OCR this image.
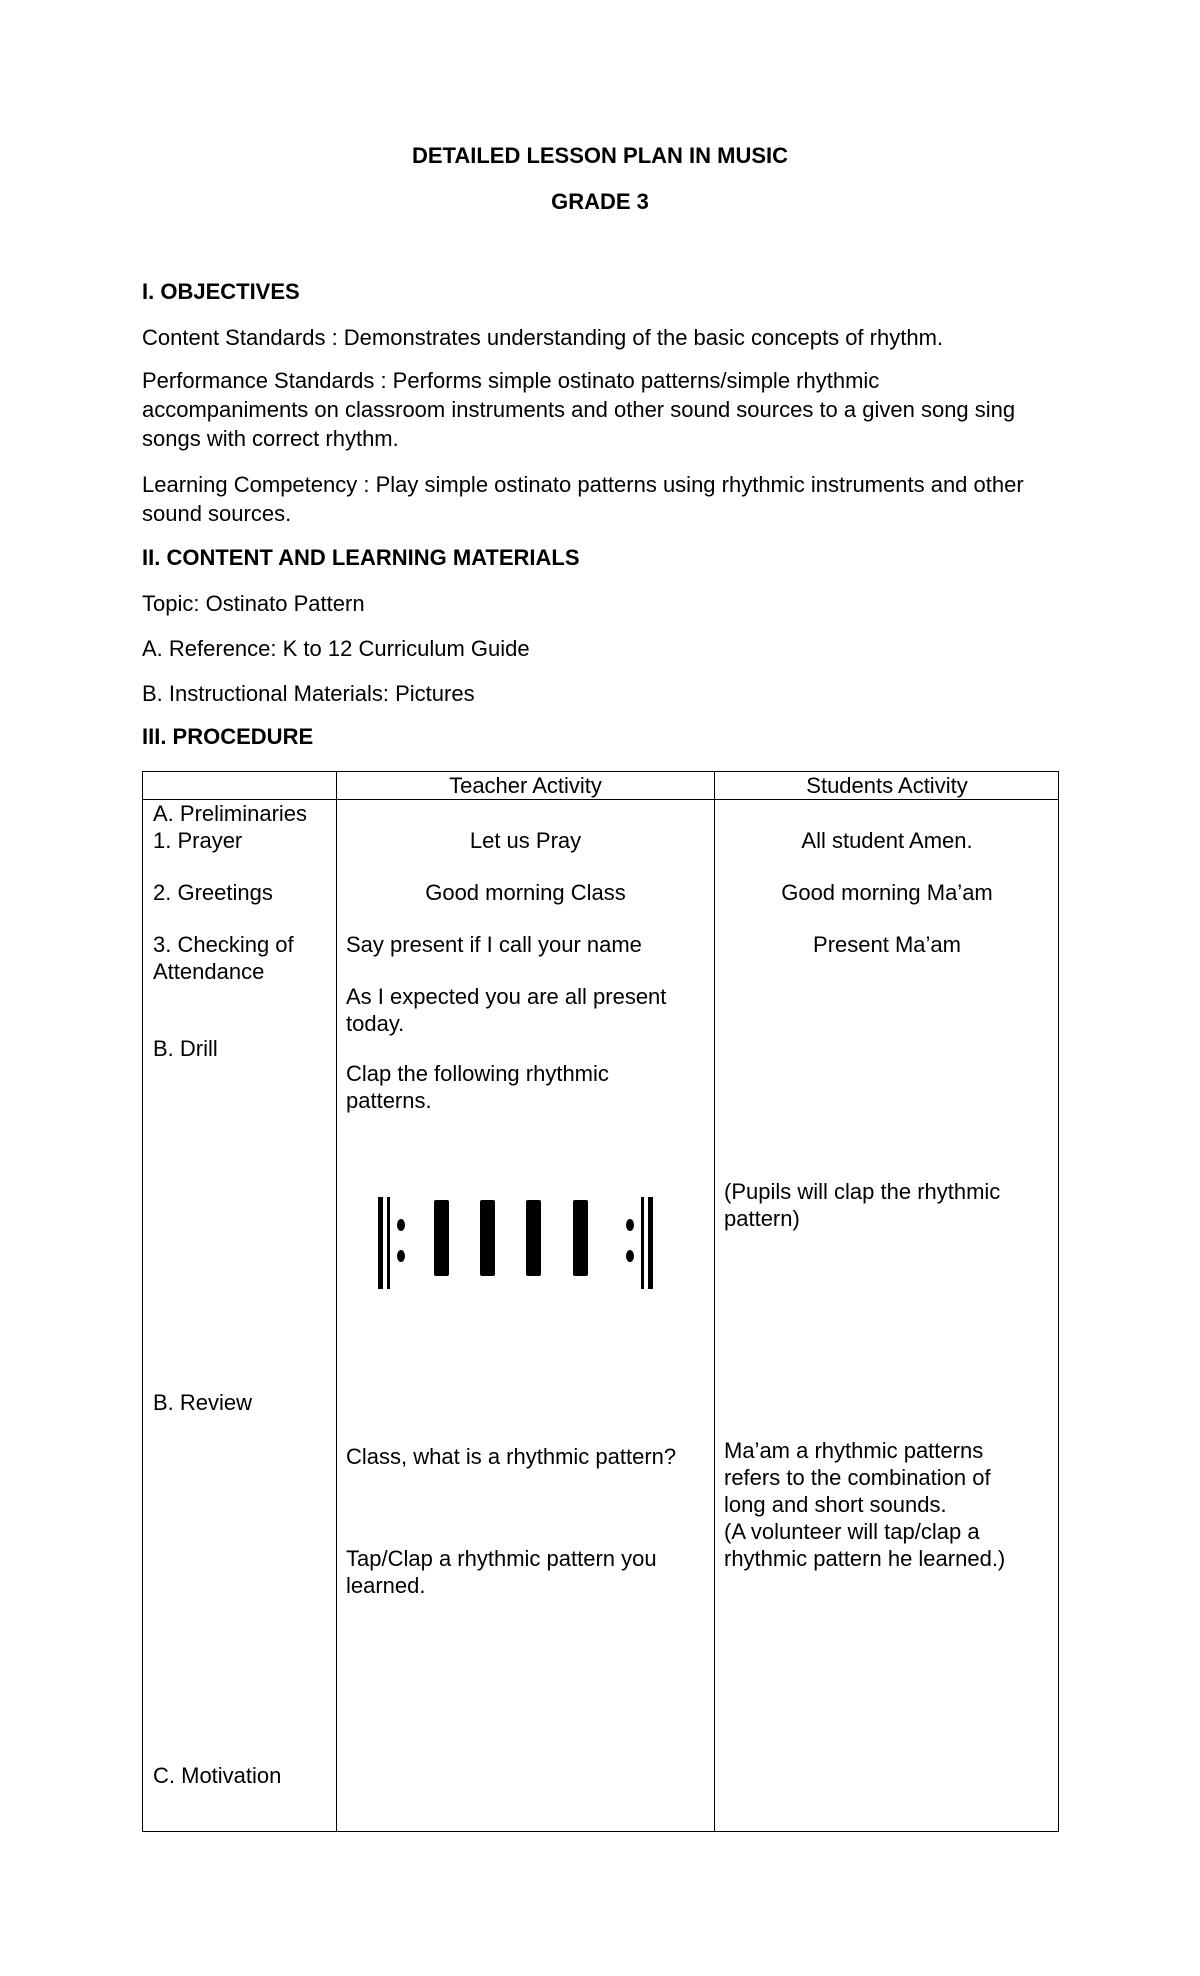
DETAILED LESSON PLAN IN MUSIC
GRADE 3
I. OBJECTIVES
Content Standards : Demonstrates understanding of the basic concepts of rhythm.
Performance Standards : Performs simple ostinato patterns/simple rhythmic accompaniments on classroom instruments and other sound sources to a given song sing songs with correct rhythm.
Learning Competency : Play simple ostinato patterns using rhythmic instruments and other sound sources.
II. CONTENT AND LEARNING MATERIALS
Topic: Ostinato Pattern
A. Reference: K to 12 Curriculum Guide
B. Instructional Materials: Pictures
III. PROCEDURE
Teacher Activity	Students Activity
A. Preliminaries
1. Prayer
2. Greetings
3. Checking of
Attendance
B. Drill
B. Review
C. Motivation
Let us Pray
Good morning Class
Say present if I call your name
As I expected you are all present today.
Clap the following rhythmic patterns.
Class, what is a rhythmic pattern?
Tap/Clap a rhythmic pattern you learned.
All student Amen.
Good morning Ma’am
Present Ma’am
(Pupils will clap the rhythmic pattern)
Ma’am a rhythmic patterns refers to the combination of long and short sounds.
(A volunteer will tap/clap a rhythmic pattern he learned.)
